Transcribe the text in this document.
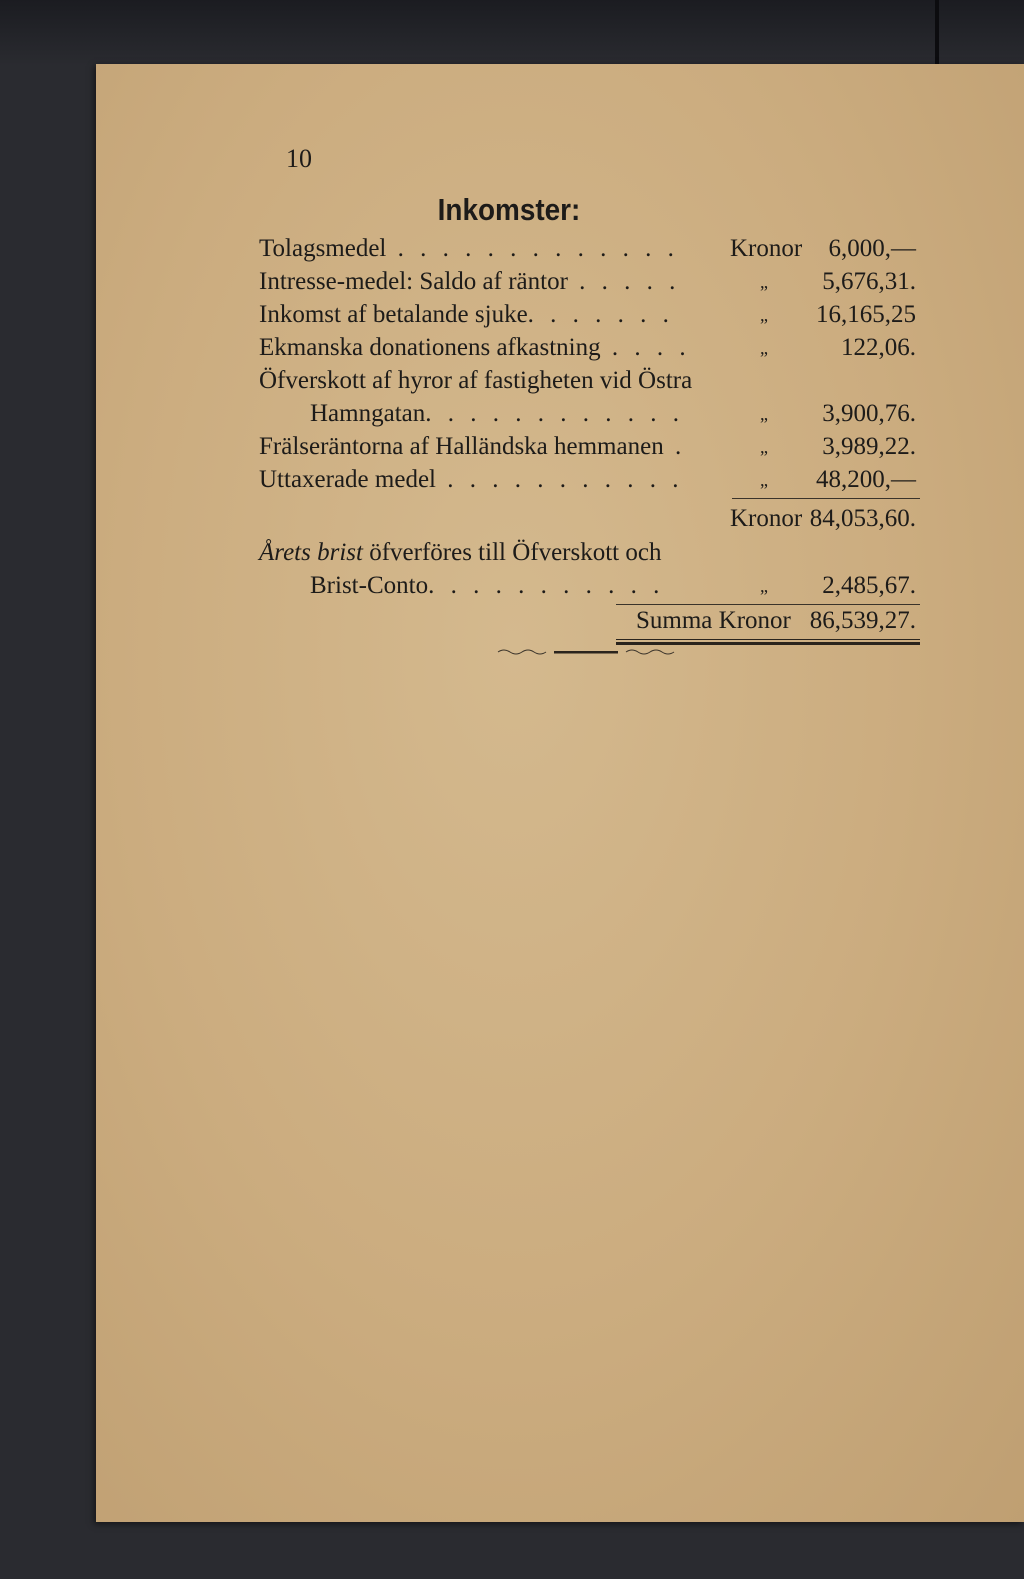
10
Inkomster:
Tolagsmedel . . . . . . . . . . . . . Kronor 6,000,—
Intresse-medel: Saldo af räntor . . . . .	„ 5,676,31.
Inkomst af betalande sjuke. . . . . . .	„ 16,165,25
Ekmanska donationens afkastning . . . .	„	122,06.
Öfverskott af hyror af fastigheten vid Östra
Hamngatan. . . . . . . . . . . .	„ 3,900,76.
Frälseräntorna af Halländska hemmanen .	„ 3,989,22.
Uttaxerade medel . . . . . . . . . . .	„ 48,200,—
Kronor 84,053,60.
Årets brist öfverföres till Öfverskott och
Brist-Conto. . . . . . . . . . .	„ 2,485,67.
Summa Kronor 86,539,27.
